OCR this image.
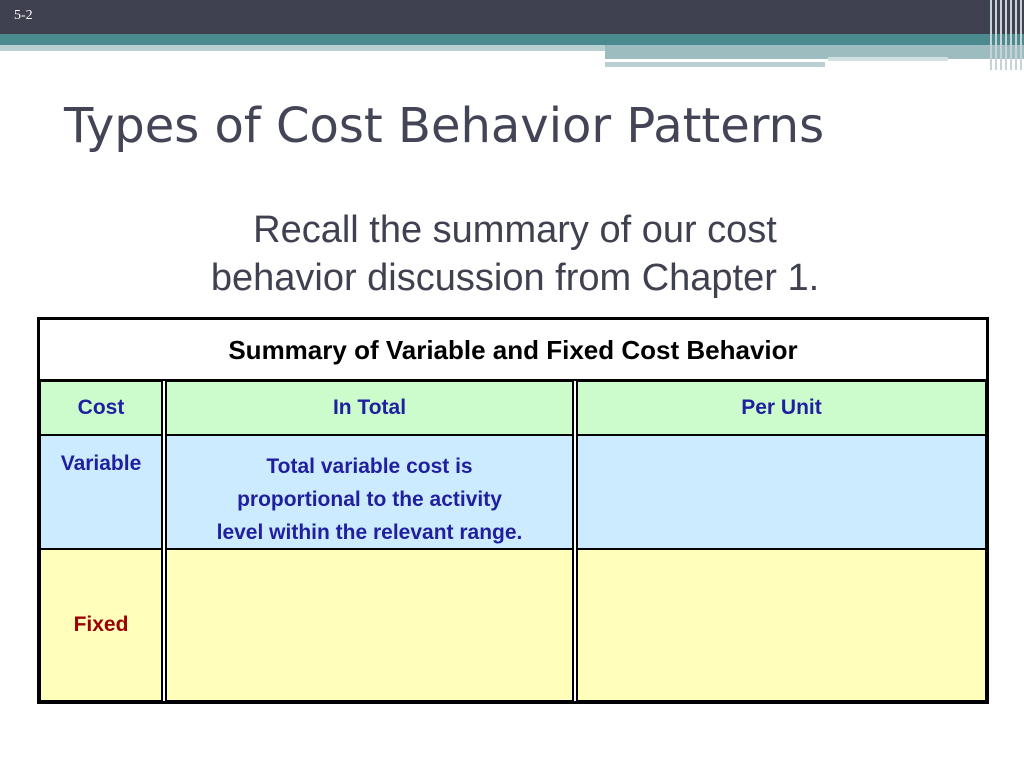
5-2
Types of Cost Behavior Patterns
Recall the summary of our cost
behavior discussion from Chapter 1.
Summary of Variable and Fixed Cost Behavior
Cost	In Total	Per Unit
Variable	Total variable cost is
proportional to the activity
level within the relevant range.
Fixed
